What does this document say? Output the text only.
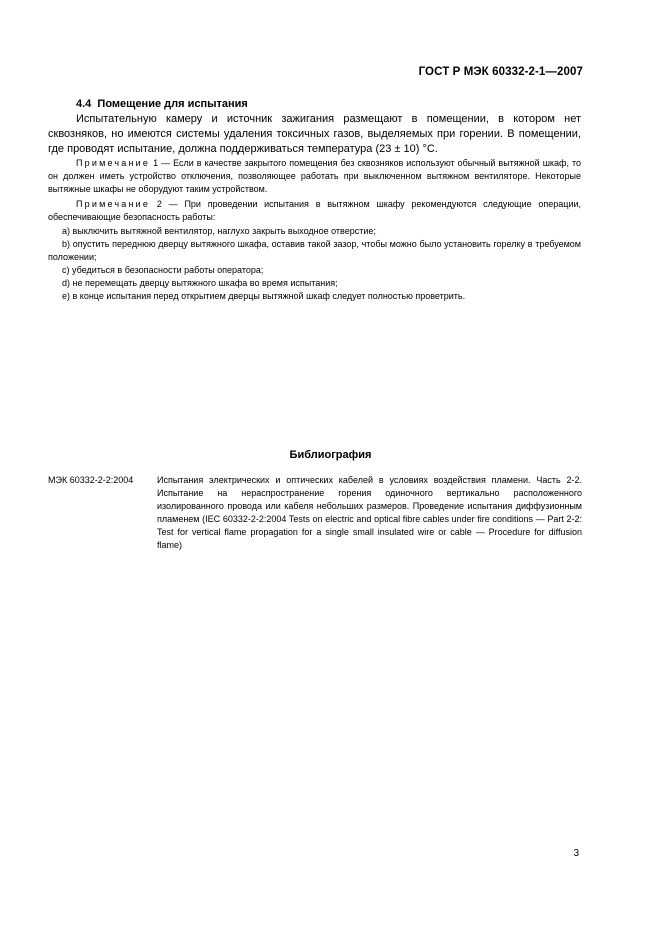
ГОСТ Р МЭК 60332-2-1—2007
4.4 Помещение для испытания
Испытательную камеру и источник зажигания размещают в помещении, в котором нет сквозняков, но имеются системы удаления токсичных газов, выделяемых при горении. В помещении, где проводят испытание, должна поддерживаться температура (23 ± 10) °С.
Примечание 1 — Если в качестве закрытого помещения без сквозняков используют обычный вытяжной шкаф, то он должен иметь устройство отключения, позволяющее работать при выключенном вытяжном вентиляторе. Некоторые вытяжные шкафы не оборудуют таким устройством.
Примечание 2 — При проведении испытания в вытяжном шкафу рекомендуются следующие операции, обеспечивающие безопасность работы:
а) выключить вытяжной вентилятор, наглухо закрыть выходное отверстие;
b) опустить переднюю дверцу вытяжного шкафа, оставив такой зазор, чтобы можно было установить горелку в требуемом положении;
с) убедиться в безопасности работы оператора;
d) не перемещать дверцу вытяжного шкафа во время испытания;
е) в конце испытания перед открытием дверцы вытяжной шкаф следует полностью проветрить.
Библиография
МЭК 60332-2-2:2004	Испытания электрических и оптических кабелей в условиях воздействия пламени. Часть 2-2. Испытание на нераспространение горения одиночного вертикально расположенного изолированного провода или кабеля небольших размеров. Проведение испытания диффузионным пламенем (IEC 60332-2-2:2004 Tests on electric and optical fibre cables under fire conditions — Part 2-2: Test for vertical flame propagation for a single small insulated wire or cable — Procedure for diffusion flame)
3
